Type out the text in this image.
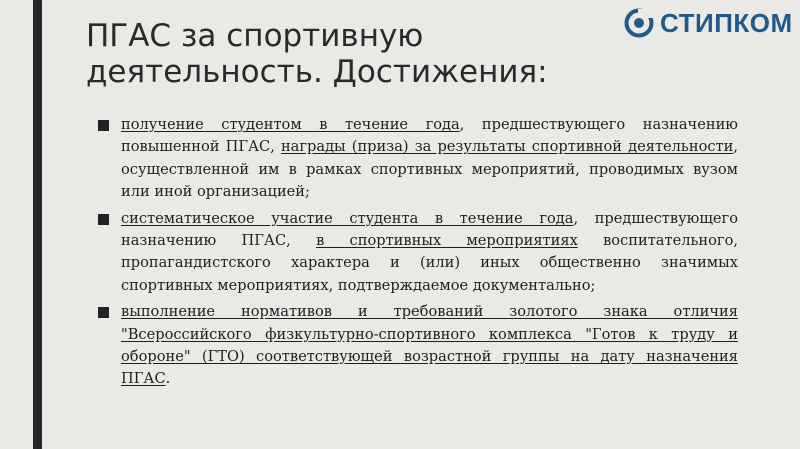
СТИПКОМ
ПГАС за спортивную деятельность. Достижения:
получение студентом в течение года, предшествующего назначению повышенной ПГАС, награды (приза) за результаты спортивной деятельности, осуществленной им в рамках спортивных мероприятий, проводимых вузом или иной организацией;
систематическое участие студента в течение года, предшествующего назначению ПГАС, в спортивных мероприятиях воспитательного, пропагандистского характера и (или) иных общественно значимых спортивных мероприятиях, подтверждаемое документально;
выполнение нормативов и требований золотого знака отличия "Всероссийского физкультурно-спортивного комплекса "Готов к труду и обороне" (ГТО) соответствующей возрастной группы на дату назначения ПГАС.
